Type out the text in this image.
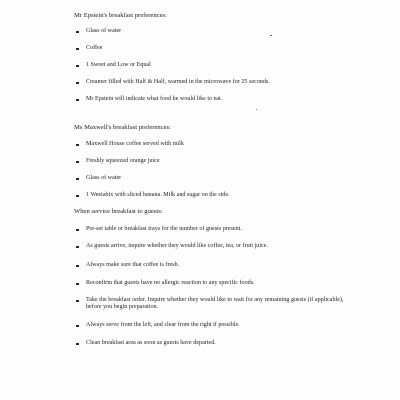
Mr Epstein's breakfast preferences:
Glass of water
Coffee
1 Sweet and Low or Equal
Creamer filled with Half & Half, warmed in the microwave for 25 seconds.
Mr Epstein will indicate what food he would like to eat.
Ms Maxwell's breakfast preferences:
Maxwell House coffee served with milk
Freshly squeezed orange juice
Glass of water
1 Weetabix with sliced banana. Milk and sugar on the side.
When service breakfast to guests:
Pre-set table or breakfast trays for the number of guests present.
As guests arrive, inquire whether they would like coffee, tea, or fruit juice.
Always make sure that coffee is fresh.
Reconfirm that guests have no allergic reaction to any specific foods.
Take the breakfast order. Inquire whether they would like to wait for any remaining guests (if applicable), before you begin preparation.
Always serve from the left, and clear from the right if possible.
Clean breakfast area as soon as guests have departed.
